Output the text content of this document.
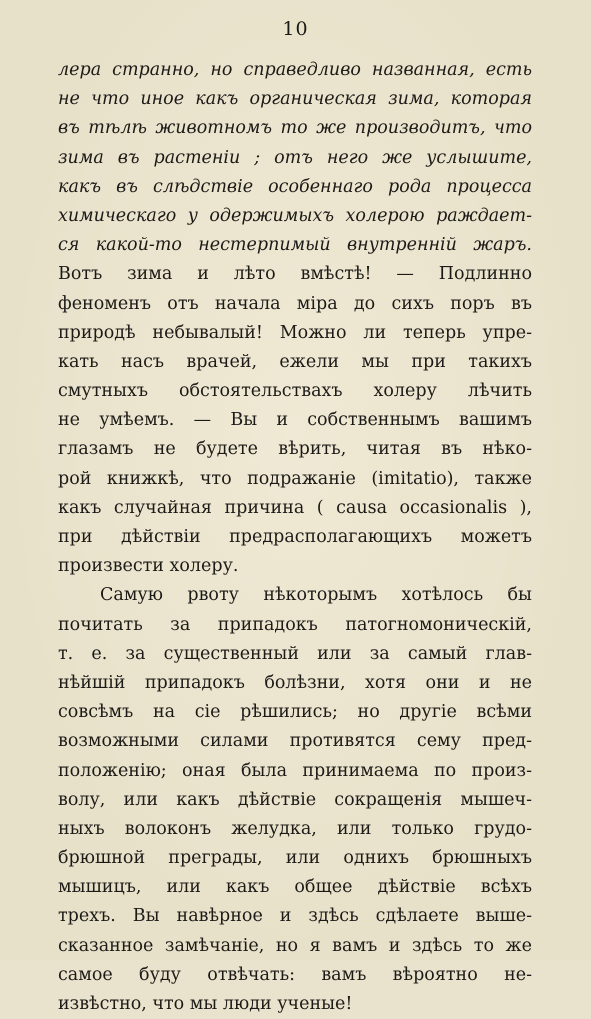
10
лера странно, но справедливо названная, есть
не что иное какъ органическая зима, которая
въ тѣлѣ животномъ то же производитъ, что
зима въ растеніи ; отъ него же услышите,
какъ въ слѣдствіе особеннаго рода процесса
химическаго у одержимыхъ холерою раждает-
ся какой-то нестерпимый внутренній жаръ.
Вотъ зима и лѣто вмѣстѣ! — Подлинно
феноменъ отъ начала міра до сихъ поръ въ
природѣ небывалый! Можно ли теперь упре-
кать насъ врачей, ежели мы при такихъ
смутныхъ обстоятельствахъ холеру лѣчить
не умѣемъ. — Вы и собственнымъ вашимъ
глазамъ не будете вѣрить, читая въ нѣко-
рой книжкѣ, что подражаніе (imitatio), также
какъ случайная причина ( causa occasionalis ),
при дѣйствіи предрасполагающихъ можетъ
произвести холеру.
Самую рвоту нѣкоторымъ хотѣлось бы
почитать за припадокъ патогномоническій,
т. е. за существенный или за самый глав-
нѣйшій припадокъ болѣзни, хотя они и не
совсѣмъ на сіе рѣшились; но другіе всѣми
возможными силами противятся сему пред-
положенію; оная была принимаема по произ-
волу, или какъ дѣйствіе сокращенія мышеч-
ныхъ волоконъ желудка, или только грудо-
брюшной преграды, или однихъ брюшныхъ
мышицъ, или какъ общее дѣйствіе всѣхъ
трехъ. Вы навѣрное и здѣсь сдѣлаете выше-
сказанное замѣчаніе, но я вамъ и здѣсь то же
самое буду отвѣчать: вамъ вѣроятно не-
извѣстно, что мы люди ученые!
